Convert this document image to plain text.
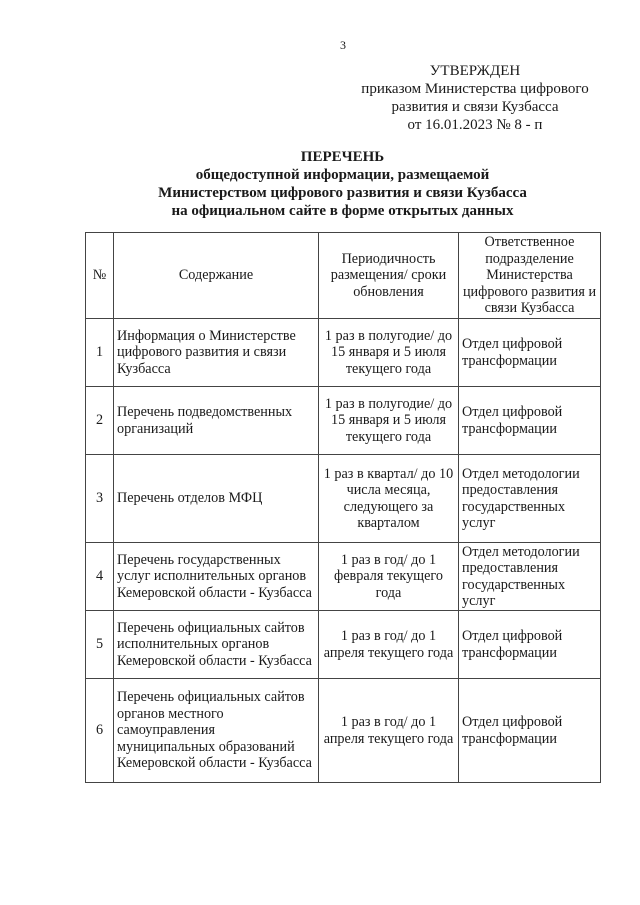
3
УТВЕРЖДЕН
приказом Министерства цифрового
развития и связи Кузбасса
от 16.01.2023 № 8 - п
ПЕРЕЧЕНЬ
общедоступной информации, размещаемой
Министерством цифрового развития и связи Кузбасса
на официальном сайте в форме открытых данных
№	Содержание	Периодичность размещения/ сроки обновления	Ответственное подразделение Министерства цифрового развития и связи Кузбасса
1	Информация о Министерстве цифрового развития и связи Кузбасса	1 раз в полугодие/ до 15 января и 5 июля текущего года	Отдел цифровой трансформации
2	Перечень подведомственных организаций	1 раз в полугодие/ до 15 января и 5 июля текущего года	Отдел цифровой трансформации
3	Перечень отделов МФЦ	1 раз в квартал/ до 10 числа месяца, следующего за кварталом	Отдел методологии предоставления государственных услуг
4	Перечень государственных услуг исполнительных органов Кемеровской области - Кузбасса	1 раз в год/ до 1 февраля текущего года	Отдел методологии предоставления государственных услуг
5	Перечень официальных сайтов исполнительных органов Кемеровской области - Кузбасса	1 раз в год/ до 1 апреля текущего года	Отдел цифровой трансформации
6	Перечень официальных сайтов органов местного самоуправления муниципальных образований Кемеровской области - Кузбасса	1 раз в год/ до 1 апреля текущего года	Отдел цифровой трансформации
